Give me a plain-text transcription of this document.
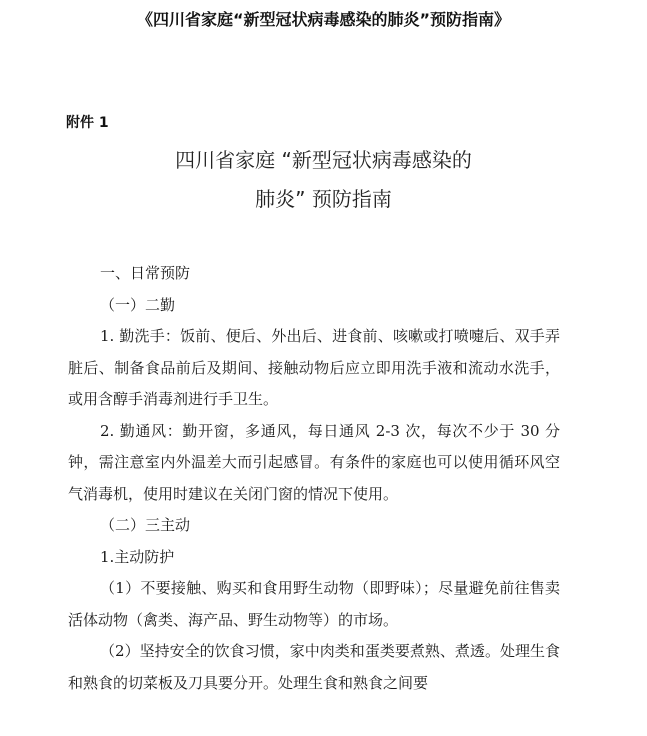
《四川省家庭“新型冠状病毒感染的肺炎”预防指南》
附件 1
四川省家庭 “新型冠状病毒感染的
肺炎” 预防指南

一、日常预防

（一）二勤

1. 勤洗手：饭前、便后、外出后、进食前、咳嗽或打喷嚏后、双手弄脏后、制备食品前后及期间、接触动物后应立即用洗手液和流动水洗手，或用含醇手消毒剂进行手卫生。

2. 勤通风：勤开窗，多通风，每日通风 2-3 次，每次不少于 30 分钟，需注意室内外温差大而引起感冒。有条件的家庭也可以使用循环风空气消毒机，使用时建议在关闭门窗的情况下使用。

（二）三主动

1.主动防护

（1）不要接触、购买和食用野生动物（即野味）；尽量避免前往售卖活体动物（禽类、海产品、野生动物等）的市场。

（2）坚持安全的饮食习惯，家中肉类和蛋类要煮熟、煮透。处理生食和熟食的切菜板及刀具要分开。处理生食和熟食之间要
